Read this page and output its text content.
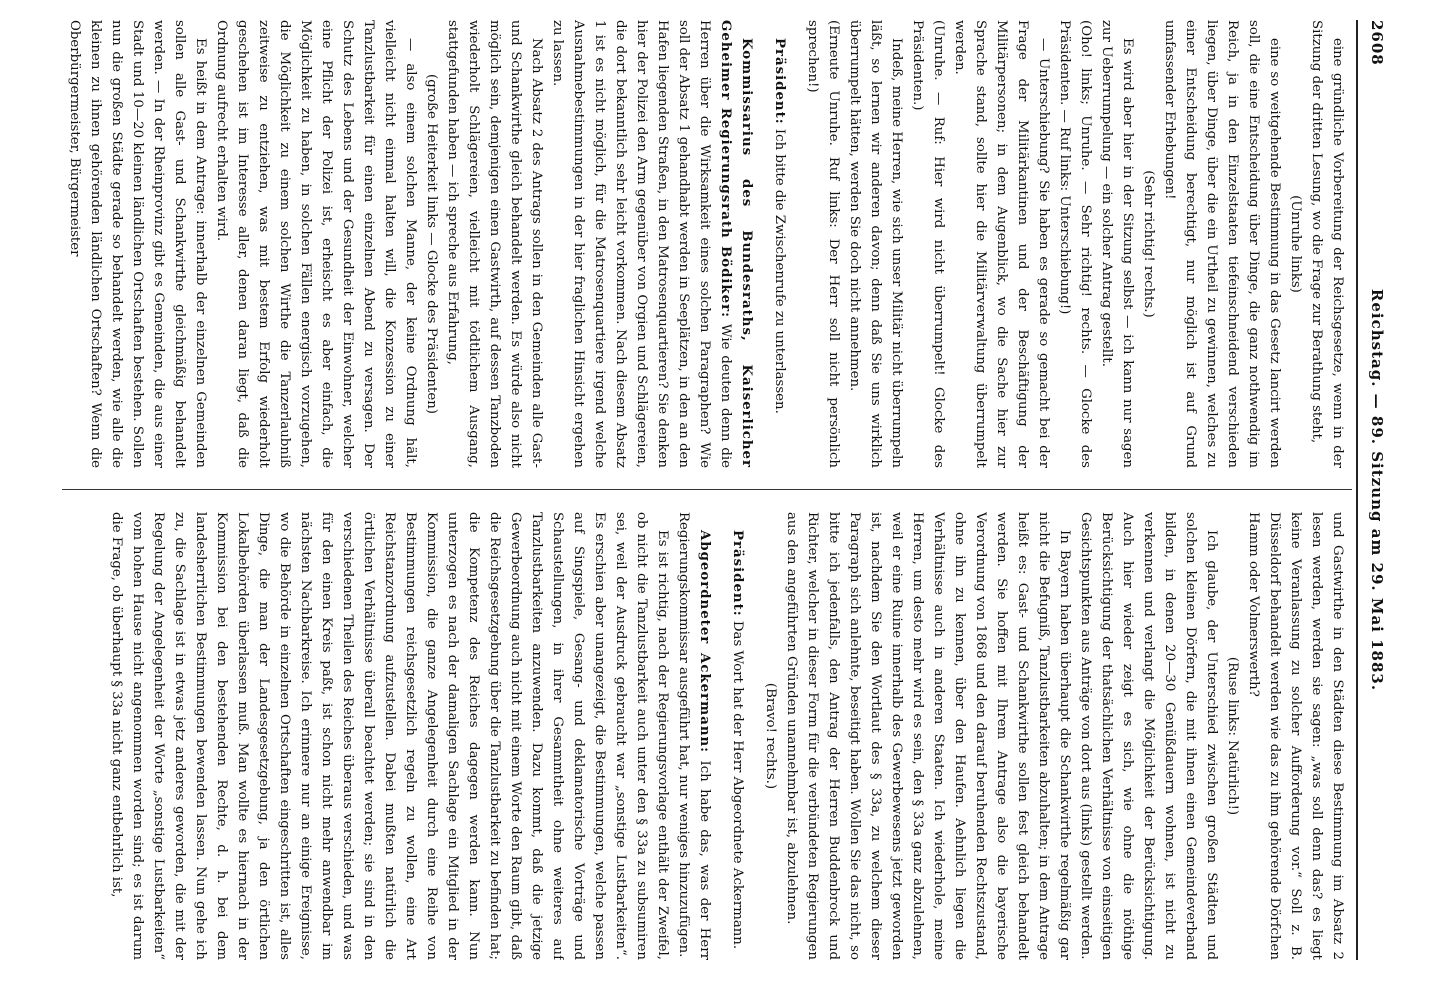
2608
Reichstag. — 89. Sitzung am 29. Mai 1883.

eine gründliche Vorbereitung der Reichsgesetze, wenn in der Sitzung der dritten Lesung, wo die Frage zur Berathung steht,

(Unruhe links)

eine so weitgehende Bestimmung in das Gesetz lancirt werden soll, die eine Entscheidung über Dinge, die ganz nothwendig im Reich, ja in den Einzelstaaten tiefeinschneidend verschieden liegen, über Dinge, über die ein Urtheil zu gewinnen, welches zu einer Entscheidung berechtigt, nur möglich ist auf Grund umfassender Erhebungen!

(Sehr richtig! rechts.)

Es wird aber hier in der Sitzung selbst — ich kann nur sagen zur Ueberrumpelung — ein solcher Antrag gestellt.

(Oho! links; Unruhe. — Sehr richtig! rechts. — Glocke des Präsidenten. — Ruf links: Unterschiebung!)

— Unterschiebung? Sie haben es gerade so gemacht bei der Frage der Militärkantinen und der Beschäftigung der Militärpersonen; in dem Augenblick, wo die Sache hier zur Sprache stand, sollte hier die Militärverwaltung überrumpelt werden.

(Unruhe. — Ruf: Hier wird nicht überrumpelt! Glocke des Präsidenten.)

Indeß, meine Herren, wie sich unser Militär nicht überrumpeln läßt, so lernen wir anderen davon; denn daß Sie uns wirklich überrumpelt hätten, werden Sie doch nicht annehmen.

(Erneute Unruhe. Ruf links: Der Herr soll nicht persönlich sprechen!)

Präsident: Ich bitte die Zwischenrufe zu unterlassen.

Kommissarius des Bundesraths, Kaiserlicher Geheimer Regierungsrath Bödiker: Wie deuten denn die Herren über die Wirksamkeit eines solchen Paragraphen? Wie soll der Absatz 1 gehandhabt werden in Seeplätzen, in den an den Hafen liegenden Straßen, in den Matrosenquartieren? Sie denken hier der Polizei den Arm gegenüber von Orgien und Schlägereien, die dort bekanntlich sehr leicht vorkommen. Nach diesem Absatz 1 ist es nicht möglich, für die Matrosenquartiere irgend welche Ausnahmebestimmungen in der hier fraglichen Hinsicht ergehen zu lassen.

Nach Absatz 2 des Antrags sollen in den Gemeinden alle Gast- und Schankwirthe gleich behandelt werden. Es würde also nicht möglich sein, demjenigen einen Gastwirth, auf dessen Tanzboden wiederholt Schlägereien, vielleicht mit tödtlichem Ausgang, stattgefunden haben — ich spreche aus Erfahrung,

(große Heiterkeit links — Glocke des Präsidenten)

— also einem solchen Manne, der keine Ordnung hält, vielleicht nicht einmal halten will, die Konzession zu einer Tanzlustbarkeit für einen einzelnen Abend zu versagen. Der Schutz des Lebens und der Gesundheit der Einwohner, welcher eine Pflicht der Polizei ist, erheischt es aber einfach, die Möglichkeit zu haben, in solchen Fällen energisch vorzugehen, die Möglichkeit zu einem solchen Wirthe die Tanzerlaubniß zeitweise zu entziehen, was mit bestem Erfolg wiederholt geschehen ist im Interesse aller, denen daran liegt, daß die Ordnung aufrecht erhalten wird.

Es heißt in dem Antrage: innerhalb der einzelnen Gemeinden sollen alle Gast- und Schankwirthe gleichmäßig behandelt werden. — In der Rheinprovinz gibt es Gemeinden, die aus einer Stadt und 10—20 kleinen ländlichen Ortschaften bestehen. Sollen nun die großen Städte gerade so behandelt werden, wie alle die kleinen zu ihnen gehörenden ländlichen Ortschaften? Wenn die Oberbürgermeister, Bürgermeister

und Gastwirthe in den Städten diese Bestimmung im Absatz 2 lesen werden, werden sie sagen: „was soll denn das? es liegt keine Veranlassung zu solcher Aufforderung vor.“ Soll z. B. Düsseldorf behandelt werden wie das zu ihm gehörende Dörfchen Hamm oder Volmerswerth?

(Ruse links: Natürlich!)

Ich glaube, der Unterschied zwischen großen Städten und solchen kleinen Dörfern, die mit ihnen einen Gemeindeverband bilden, in denen 20—30 Genüßdauern wohnen, ist nicht zu verkennen und verlangt die Möglichkeit der Berücksichtigung. Auch hier wieder zeigt es sich, wie ohne die nöthige Berücksichtigung der thatsächlichen Verhältnisse von einseitigen Gesichtspunkten aus Anträge von dort aus (links) gestellt werden.

In Bayern haben überhaupt die Schankwirthe regelmäßig gar nicht die Befugniß, Tanzlustbarkeiten abzuhalten; in dem Antrage heißt es: Gast- und Schankwirthe sollen fest gleich behandelt werden. Sie hoffen mit Ihrem Antrage also die bayerische Verordnung von 1868 und den darauf beruhenden Rechtszustand, ohne ihn zu kennen, über den Haufen. Aehnlich liegen die Verhältnisse auch in anderen Staaten. Ich wiederhole, meine Herren, um desto mehr wird es sein, den § 33a ganz abzulehnen, weil er eine Ruine innerhalb des Gewerbewesens jetzt geworden ist, nachdem Sie den Wortlaut des § 33a, zu welchem dieser Paragraph sich anlehnte, beseitigt haben. Wollen Sie das nicht, so bitte ich jedenfalls, den Antrag der Herren Buddenbrock und Richter, welcher in dieser Form für die verbündeten Regierungen aus den angeführten Gründen unannehmbar ist, abzulehnen.

(Bravo! rechts.)

Präsident: Das Wort hat der Herr Abgeordnete Ackermann.

Abgeordneter Ackermann: Ich habe das, was der Herr Regierungskommissar ausgeführt hat, nur weniges hinzuzufügen.

Es ist richtig, nach der Regierungsvorlage enthält der Zweifel, ob nicht die Tanzlustbarkeit auch unter den § 33a zu subsumiren sei, weil der Ausdruck gebraucht war „sonstige Lustbarkeiten“. Es erschien aber unangezeigt, die Bestimmungen, welche passen auf Singspiele, Gesang- und deklamatorische Vorträge und Schaustellungen, in ihrer Gesammtheit ohne weiteres auf Tanzlustbarkeiten anzuwenden. Dazu kommt, daß die jetzige Gewerbeordnung auch nicht mit einem Worte den Raum gibt, daß die Reichsgesetzgebung über die Tanzlustbarkeit zu befinden hat; die Kompetenz des Reiches dagegen werden kann. Nun unterzogen es nach der damaligen Sachlage ein Mitglied in der Kommission, die ganze Angelegenheit durch eine Reihe von Bestimmungen reichsgesetzlich regeln zu wollen, eine Art Reichstanzordnung aufzustellen. Dabei mußten natürlich die örtlichen Verhältnisse überall beachtet werden; sie sind in den verschiedenen Theilen des Reiches überaus verschieden, und was für den einen Kreis paßt, ist schon nicht mehr anwendbar im nächsten Nachbarkreise. Ich erinnere nur an einige Ereignisse, wo die Behörde in einzelnen Ortschaften eingeschritten ist, alles Dinge, die man der Landesgesetzgebung, ja den örtlichen Lokalbehörden überlassen muß. Man wollte es hiernach in der Kommission bei den bestehenden Rechte, d. h. bei dem landesherrlichen Bestimmungen bewenden lassen. Nun gehe ich zu, die Sachlage ist in etwas jetz anderes geworden, die mit der Regelung der Angelegenheit der Worte „sonstige Lustbarkeiten“ vom hohen Hause nicht angenommen worden sind; es ist darum die Frage, ob überhaupt § 33a nicht ganz entbehrlich ist,
